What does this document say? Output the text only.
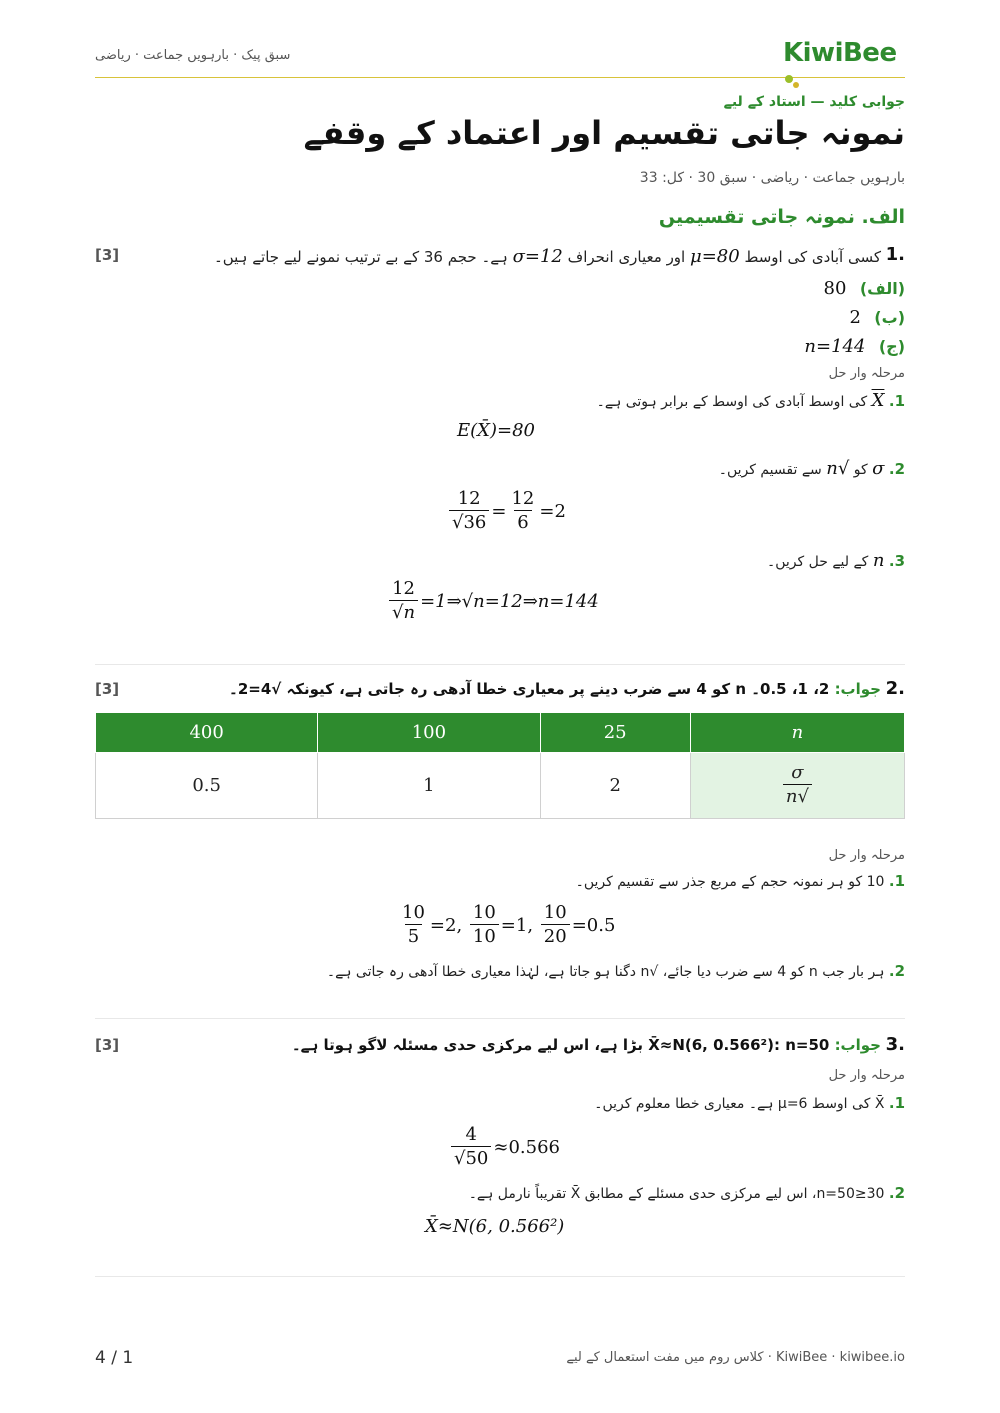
سبق پیک · بارہویں جماعت · ریاضی	KiwiBee
جوابی کلید — استاد کے لیے
نمونہ جاتی تقسیم اور اعتماد کے وقفے
بارہویں جماعت · ریاضی · سبق 30 · کل: 33
الف. نمونہ جاتی تقسیمیں
1.
کسی آبادی کی اوسط μ=80 اور معیاری انحراف σ=12 ہے۔ حجم 36 کے بے ترتیب نمونے لیے جاتے ہیں۔
[3]
(الف) 80
(ب) 2
(ج) n=144
مرحلہ وار حل
1. X کی اوسط آبادی کی اوسط کے برابر ہوتی ہے۔
E(X̄)=80
2. σ کو √n سے تقسیم کریں۔
$\frac{12}{√36} = \frac{12}{6} =2$
3. n کے لیے حل کریں۔
$\frac{12}{√n}$ =1⇒√n=12⇒n=144
2.
جواب: 2، 1، 0.5۔ n کو 4 سے ضرب دینے پر معیاری خطا آدھی رہ جاتی ہے، کیونکہ √4=2۔
[3]
n	25	100	400

$\frac{\sigma}{√n}$	2	1	0.5
مرحلہ وار حل
1. 10 کو ہر نمونہ حجم کے مربع جذر سے تقسیم کریں۔
$\frac{10}{5} =2$, $\frac{10}{10} =1$, $\frac{10}{20} =0.5$
2. ہر بار جب n کو 4 سے ضرب دیا جائے، √n دگنا ہو جاتا ہے، لہٰذا معیاری خطا آدھی رہ جاتی ہے۔
3.
جواب: X̄≈N(6, 0.566²): n=50 بڑا ہے، اس لیے مرکزی حدی مسئلہ لاگو ہوتا ہے۔
[3]
مرحلہ وار حل
1. X̄ کی اوسط μ=6 ہے۔ معیاری خطا معلوم کریں۔
$\frac{4}{√50} \approx 0.566$
2. n=50≥30، اس لیے مرکزی حدی مسئلے کے مطابق X̄ تقریباً نارمل ہے۔
X̄≈N(6, 0.566²)
4 / 1	KiwiBee · kiwibee.io · کلاس روم میں مفت استعمال کے لیے
